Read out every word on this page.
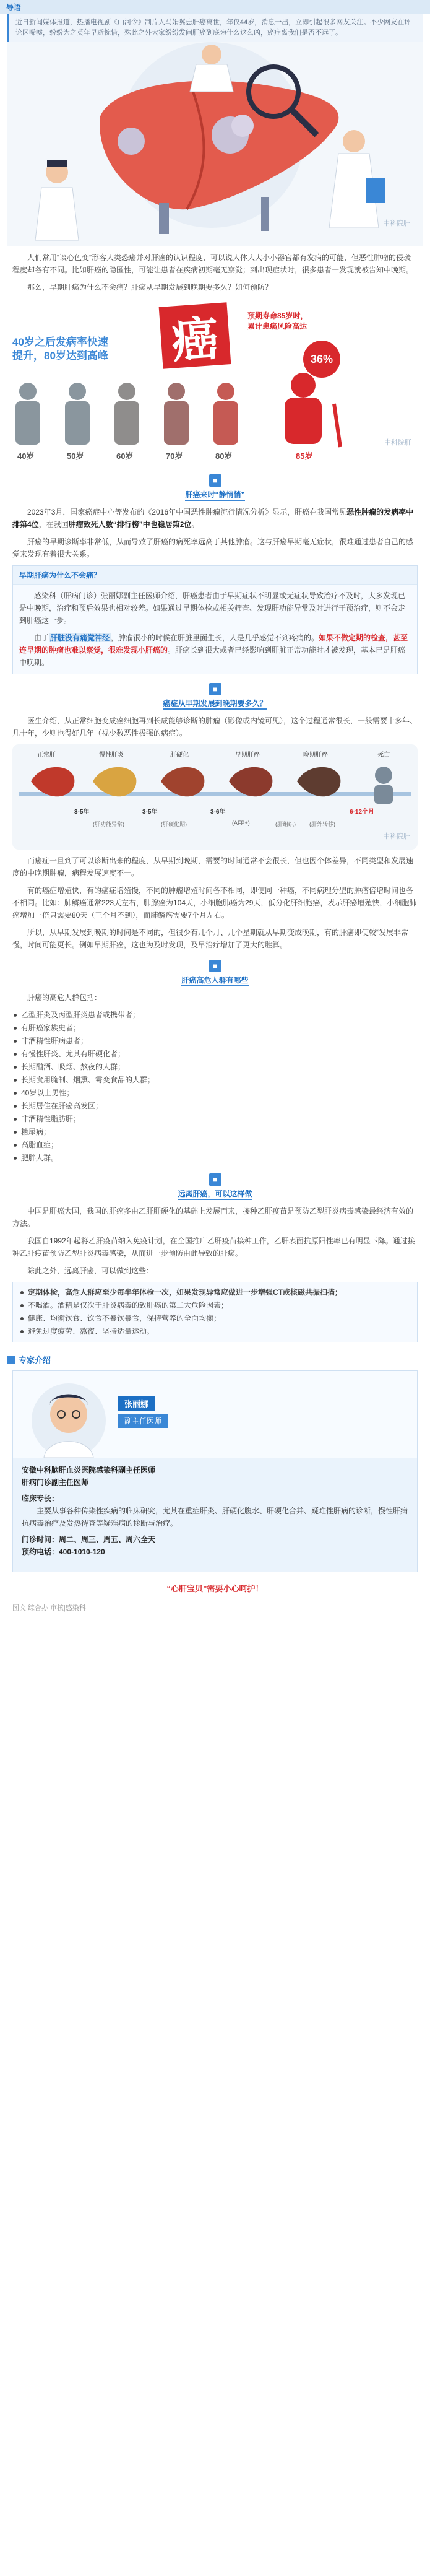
导语
近日新闻媒体报道，热播电视剧《山河令》制片人马娟翼患肝癌离世，年仅44岁，消息一出，立即引起很多网友关注。不少网友在评论区唏嘘，纷纷为之英年早逝惋惜，殊此之外大家纷纷发问肝癌到底为什么这么凶，癌症离我们是否不远了。
中科院肝

人们常用“谈心色变”形容人类恐癌并对肝癌的认识程度，可以说人体大大小小器官都有发病的可能，但恶性肿瘤的侵袭程度却各有不同。比如肝癌的隐匿性，可能让患者在疾病初期毫无察觉；到出现症状时，很多患者一发现就被告知中晚期。

那么，早期肝癌为什么不会痛？肝癌从早期发展到晚期要多久？如何预防？

40岁之后发病率快速
提升，80岁达到高峰 癌	预期寿命85岁时，
累计患癌风险高达
36%
40岁	50岁	60岁	70岁	80岁	85岁
中科院肝
■
肝癌来时“静悄悄”

2023年3月，国家癌症中心等发布的《2016年中国恶性肿瘤流行情况分析》显示，肝癌在我国常见恶性肿瘤的发病率中排第4位，在我国肿瘤致死人数“排行榜”中也稳居第2位。

肝癌的早期诊断率非常低，从而导致了肝癌的病死率远高于其他肿瘤。这与肝癌早期毫无症状，很难通过患者自己的感觉来发现有着很大关系。

早期肝癌为什么不会痛？

感染科（肝病门诊）张丽娜副主任医师介绍，肝癌患者由于早期症状不明显或无症状导致治疗不及时，大多发现已是中晚期，治疗和预后效果也相对较差。如果通过早期体检或相关筛查、发现肝功能异常及时进行干预治疗，则不会走到肝癌这一步。

由于 肝脏没有痛觉神经 ，肿瘤很小的时候在肝脏里面生长，人是几乎感觉不到疼痛的。如果不做定期的检查，甚至连早期的肿瘤也难以察觉，很难发现小肝癌的。肝癌长到很大或者已经影响到肝脏正常功能时才被发现，基本已是肝癌中晚期。

■
癌症从早期发展到晚期要多久？

医生介绍，从正常细胞变成癌细胞再到长成能够诊断的肿瘤（影像或内镜可见），这个过程通常很长，一般需要十多年、几十年，少则也得好几年（视少数恶性极强的病症）。

正常肝	慢性肝炎	肝硬化	早期肝癌	晚期肝癌	死亡
3-5年	3-5年	3-6年	6-12个月
(肝功能异常)	(肝硬化期)	(AFP+)	(肝组织) (肝外转移)
中科院肝

而癌症一旦到了可以诊断出来的程度，从早期到晚期，需要的时间通常不会很长，但也因个体差异，不同类型和发展速度的中晚期肿瘤，病程发展速度不一。

有的癌症增殖快，有的癌症增殖慢，不同的肿瘤增殖时间各不相同，即便同一种癌，不同病理分型的肿瘤倍增时间也各不相同。比如：肺鳞癌通常223天左右，肺腺癌为104天，小细胞肺癌为29天，低分化肝细胞癌，表示肝癌增殖快，小细胞肺癌增加一倍只需要80天（三个月不到），而肺鳞癌需要7个月左右。

所以，从早期发展到晚期的时间是不同的，但很少有几个月、几个星期就从早期变成晚期，有的肝癌即使较“发展非常慢，时间可能更长。例如早期肝癌，这也为及时发现，及早治疗增加了更大的胜算。

■
肝癌高危人群有哪些

肝癌的高危人群包括：

乙型肝炎及丙型肝炎患者或携带者；
有肝癌家族史者；
非酒精性肝病患者；
有慢性肝炎、尤其有肝硬化者；
长期酗酒、吸烟、熬夜的人群；
长期食用腌制、烟熏、霉变食品的人群；
40岁以上男性；
长期居住在肝癌高发区；
非酒精性脂肪肝；
糖尿病；
高脂血症；
肥胖人群。
■
远离肝癌，可以这样做

中国是肝癌大国，我国的肝癌多由乙肝肝硬化的基础上发展而来，接种乙肝疫苗是预防乙型肝炎病毒感染最经济有效的方法。

我国自1992年起将乙肝疫苗纳入免疫计划，在全国推广乙肝疫苗接种工作，乙肝表面抗原阳性率已有明显下降。通过接种乙肝疫苗预防乙型肝炎病毒感染，从而进一步预防由此导致的肝癌。

除此之外，远离肝癌，可以做到这些：

定期体检，高危人群应至少每半年体检一次，如果发现异常应做进一步增强CT或核磁共振扫描；
不喝酒。酒精是仅次于肝炎病毒的致肝癌的第二大危险因素；
健康、均衡饮食、饮食不暴饮暴食，保持营养的全面均衡；
避免过度疲劳、熬夜、坚持适量运动。
专家介绍
张丽娜
副主任医师
安徽中科脑肝血炎医院感染科副主任医师
肝病门诊副主任医师
临床专长：
主要从事各种传染性疾病的临床研究，尤其在重症肝炎、肝硬化腹水、肝硬化合并、疑难性肝病的诊断，慢性肝病抗病毒治疗及发热待查等疑难病的诊断与治疗。
门诊时间：周二、周三、周五、周六全天
预约电话：400-1010-120
“心肝宝贝”需要小心呵护！
图文|综合办 审核|感染科
